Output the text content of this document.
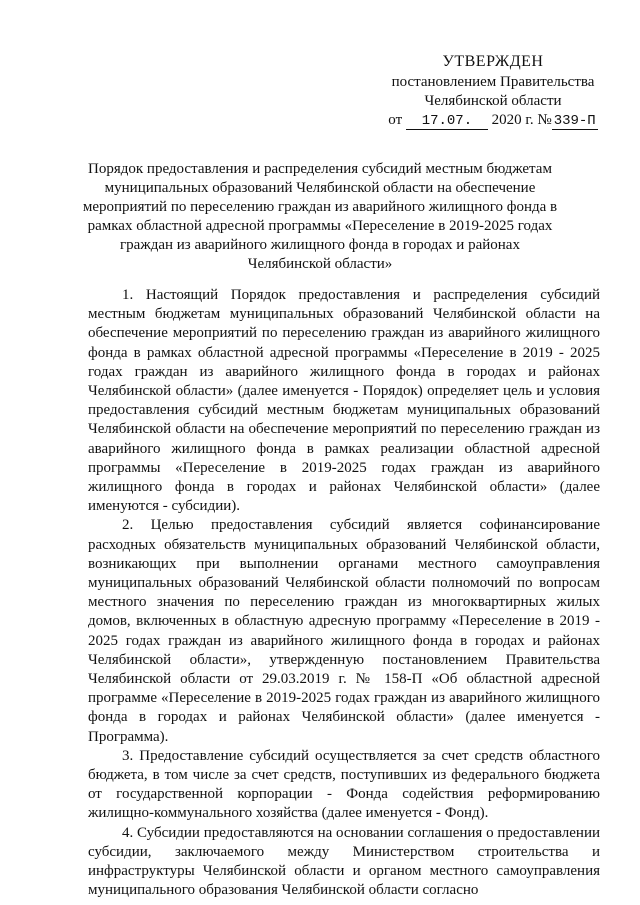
УТВЕРЖДЕН
постановлением Правительства
Челябинской области
от 17.07. 2020 г. № 339-П
Порядок предоставления и распределения субсидий местным бюджетам муниципальных образований Челябинской области на обеспечение мероприятий по переселению граждан из аварийного жилищного фонда в рамках областной адресной программы «Переселение в 2019-2025 годах граждан из аварийного жилищного фонда в городах и районах Челябинской области»

1. Настоящий Порядок предоставления и распределения субсидий местным бюджетам муниципальных образований Челябинской области на обеспечение мероприятий по переселению граждан из аварийного жилищного фонда в рамках областной адресной программы «Переселение в 2019 - 2025 годах граждан из аварийного жилищного фонда в городах и районах Челябинской области» (далее именуется - Порядок) определяет цель и условия предоставления субсидий местным бюджетам муниципальных образований Челябинской области на обеспечение мероприятий по переселению граждан из аварийного жилищного фонда в рамках реализации областной адресной программы «Переселение в 2019-2025 годах граждан из аварийного жилищного фонда в городах и районах Челябинской области» (далее именуются - субсидии).

2. Целью предоставления субсидий является софинансирование расходных обязательств муниципальных образований Челябинской области, возникающих при выполнении органами местного самоуправления муниципальных образований Челябинской области полномочий по вопросам местного значения по переселению граждан из многоквартирных жилых домов, включенных в областную адресную программу «Переселение в 2019 - 2025 годах граждан из аварийного жилищного фонда в городах и районах Челябинской области», утвержденную постановлением Правительства Челябинской области от 29.03.2019 г. № 158-П «Об областной адресной программе «Переселение в 2019-2025 годах граждан из аварийного жилищного фонда в городах и районах Челябинской области» (далее именуется - Программа).

3. Предоставление субсидий осуществляется за счет средств областного бюджета, в том числе за счет средств, поступивших из федерального бюджета от государственной корпорации - Фонда содействия реформированию жилищно-коммунального хозяйства (далее именуется - Фонд).

4. Субсидии предоставляются на основании соглашения о предоставлении субсидии, заключаемого между Министерством строительства и инфраструктуры Челябинской области и органом местного самоуправления муниципального образования Челябинской области согласно
